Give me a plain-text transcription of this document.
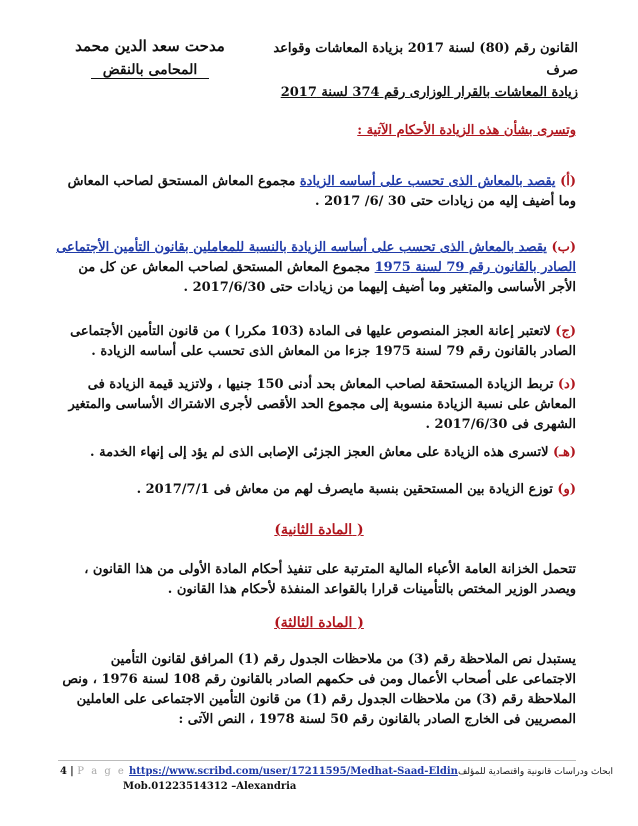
القانون رقم (80) لسنة 2017 بزيادة المعاشات وقواعد صرف
زيادة المعاشات بالقرار الوزارى رقم 374 لسنة 2017
مدحت سعد الدين محمد
المحامى بالنقض
وتسرى بشأن هذه الزيادة الأحكام الآتية :

(أ) يقصد بالمعاش الذى تحسب على أساسه الزيادة مجموع المعاش المستحق لصاحب المعاش وما أضيف إليه من زيادات حتى 30 /6/ 2017 .

(ب) يقصد بالمعاش الذى تحسب على أساسه الزيادة بالنسبة للمعاملين بقانون التأمين الأجتماعى الصادر بالقانون رقم 79 لسنة 1975 مجموع المعاش المستحق لصاحب المعاش عن كل من الأجر الأساسى والمتغير وما أضيف إليهما من زيادات حتى 2017/6/30 .

(ج) لاتعتبر إعانة العجز المنصوص عليها فى المادة (103 مكررا ) من قانون التأمين الأجتماعى الصادر بالقانون رقم 79 لسنة 1975 جزءا من المعاش الذى تحسب على أساسه الزيادة .

(د) تربط الزيادة المستحقة لصاحب المعاش بحد أدنى 150 جنيها ، ولاتزيد قيمة الزيادة فى المعاش على نسبة الزيادة منسوبة إلى مجموع الحد الأقصى لأجرى الاشتراك الأساسى والمتغير الشهرى فى 2017/6/30 .

(هـ) لاتسرى هذه الزيادة على معاش العجز الجزئى الإصابى الذى لم يؤد إلى إنهاء الخدمة .

(و) توزع الزيادة بين المستحقين بنسبة مايصرف لهم من معاش فى 2017/7/1 .

(المادة الثانية )
تتحمل الخزانة العامة الأعباء المالية المترتبة على تنفيذ أحكام المادة الأولى من هذا القانون ، ويصدر الوزير المختص بالتأمينات قرارا بالقواعد المنفذة لأحكام هذا القانون .
(المادة الثالثة )
يستبدل نص الملاحظة رقم (3) من ملاحظات الجدول رقم (1) المرافق لقانون التأمين الاجتماعى على أصحاب الأعمال ومن فى حكمهم الصادر بالقانون رقم 108 لسنة 1976 ، ونص الملاحظة رقم (3) من ملاحظات الجدول رقم (1) من قانون التأمين الاجتماعى على العاملين المصريين فى الخارج الصادر بالقانون رقم 50 لسنة 1978 ، النص الآتى :
4 | P a g e https://www.scribd.com/user/17211595/Medhat-Saad-Eldinابحاث ودراسات قانونية واقتصادية للمؤلف
Mob.01223514312 –Alexandria
